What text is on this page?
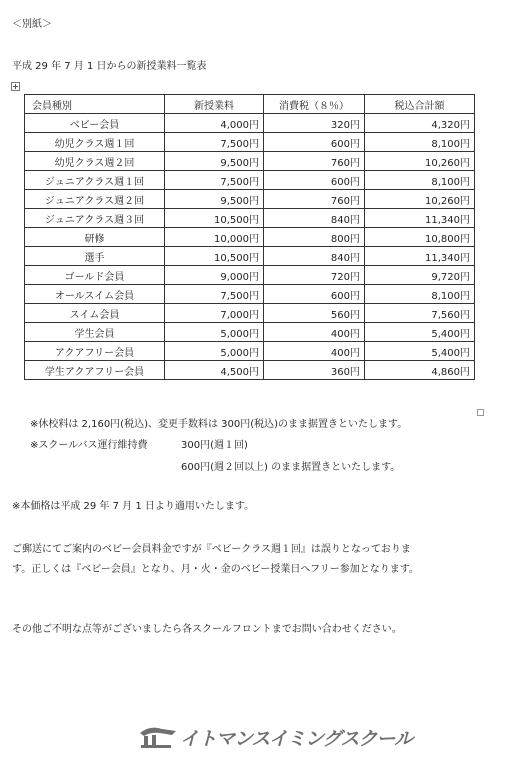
＜別紙＞
平成 29 年 7 月 1 日からの新授業料一覧表
会員種別	新授業料	消費税（８％）	税込合計額
ベビー会員	4,000円	320円	4,320円
幼児クラス週１回	7,500円	600円	8,100円
幼児クラス週２回	9,500円	760円	10,260円
ジュニアクラス週１回	7,500円	600円	8,100円
ジュニアクラス週２回	9,500円	760円	10,260円
ジュニアクラス週３回	10,500円	840円	11,340円
研修	10,000円	800円	10,800円
選手	10,500円	840円	11,340円
ゴールド会員	9,000円	720円	9,720円
オールスイム会員	7,500円	600円	8,100円
スイム会員	7,000円	560円	7,560円
学生会員	5,000円	400円	5,400円
アクアフリー会員	5,000円	400円	5,400円
学生アクアフリー会員	4,500円	360円	4,860円
※休校料は 2,160円(税込)、変更手数料は 300円(税込)のまま据置きといたします。
※スクールバス運行維持費	300円(週１回)
600円(週２回以上) のまま据置きといたします。
※本価格は平成 29 年 7 月 1 日より適用いたします。
ご郵送にてご案内のベビー会員料金ですが『ベビークラス週１回』は誤りとなっておりま
す。正しくは『ベビー会員』となり、月・火・金のベビー授業日へフリー参加となります。
その他ご不明な点等がございましたら各スクールフロントまでお問い合わせください。
イトマンスイミングスクール
